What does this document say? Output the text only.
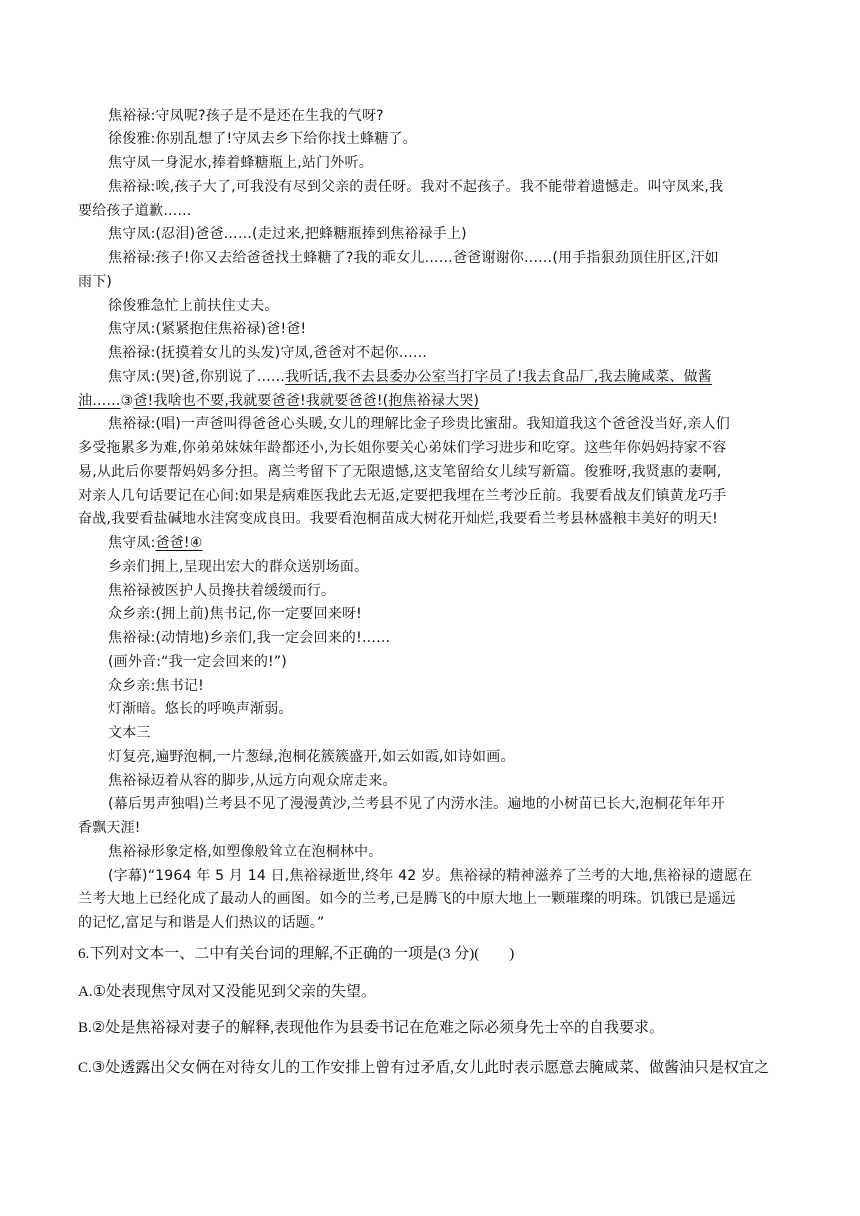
焦裕禄:守凤呢?孩子是不是还在生我的气呀?
徐俊雅:你别乱想了!守凤去乡下给你找土蜂糖了。
焦守凤一身泥水,捧着蜂糖瓶上,站门外听。
焦裕禄:唉,孩子大了,可我没有尽到父亲的责任呀。我对不起孩子。我不能带着遗憾走。叫守凤来,我
要给孩子道歉……
焦守凤:(忍泪)爸爸……(走过来,把蜂糖瓶捧到焦裕禄手上)
焦裕禄:孩子!你又去给爸爸找土蜂糖了?我的乖女儿……爸爸谢谢你……(用手指狠劲顶住肝区,汗如
雨下)
徐俊雅急忙上前扶住丈夫。
焦守凤:(紧紧抱住焦裕禄)爸!爸!
焦裕禄:(抚摸着女儿的头发)守凤,爸爸对不起你……
焦守凤:(哭)爸,你别说了……我听话,我不去县委办公室当打字员了!我去食品厂,我去腌咸菜、做酱
油……③爸!我啥也不要,我就要爸爸!我就要爸爸!(抱焦裕禄大哭)
焦裕禄:(唱)一声爸叫得爸爸心头暖,女儿的理解比金子珍贵比蜜甜。我知道我这个爸爸没当好,亲人们
多受拖累多为难,你弟弟妹妹年龄都还小,为长姐你要关心弟妹们学习进步和吃穿。这些年你妈妈持家不容
易,从此后你要帮妈妈多分担。离兰考留下了无限遗憾,这支笔留给女儿续写新篇。俊雅呀,我贤惠的妻啊,
对亲人几句话要记在心间:如果是病难医我此去无返,定要把我埋在兰考沙丘前。我要看战友们镇黄龙巧手
奋战,我要看盐碱地水洼窝变成良田。我要看泡桐苗成大树花开灿烂,我要看兰考县林盛粮丰美好的明天!
焦守凤:爸爸!④
乡亲们拥上,呈现出宏大的群众送别场面。
焦裕禄被医护人员搀扶着缓缓而行。
众乡亲:(拥上前)焦书记,你一定要回来呀!
焦裕禄:(动情地)乡亲们,我一定会回来的!……
(画外音:“我一定会回来的!”)
众乡亲:焦书记!
灯渐暗。悠长的呼唤声渐弱。
文本三
灯复亮,遍野泡桐,一片葱绿,泡桐花簇簇盛开,如云如霞,如诗如画。
焦裕禄迈着从容的脚步,从远方向观众席走来。
(幕后男声独唱)兰考县不见了漫漫黄沙,兰考县不见了内涝水洼。遍地的小树苗已长大,泡桐花年年开
香飘天涯!
焦裕禄形象定格,如塑像般耸立在泡桐林中。
(字幕)“1964 年 5 月 14 日,焦裕禄逝世,终年 42 岁。焦裕禄的精神滋养了兰考的大地,焦裕禄的遗愿在
兰考大地上已经化成了最动人的画图。如今的兰考,已是腾飞的中原大地上一颗璀璨的明珠。饥饿已是遥远
的记忆,富足与和谐是人们热议的话题。”
6.下列对文本一、二中有关台词的理解,不正确的一项是(3 分)(　　)
A.①处表现焦守凤对又没能见到父亲的失望。
B.②处是焦裕禄对妻子的解释,表现他作为县委书记在危难之际必须身先士卒的自我要求。
C.③处透露出父女俩在对待女儿的工作安排上曾有过矛盾,女儿此时表示愿意去腌咸菜、做酱油只是权宜之
